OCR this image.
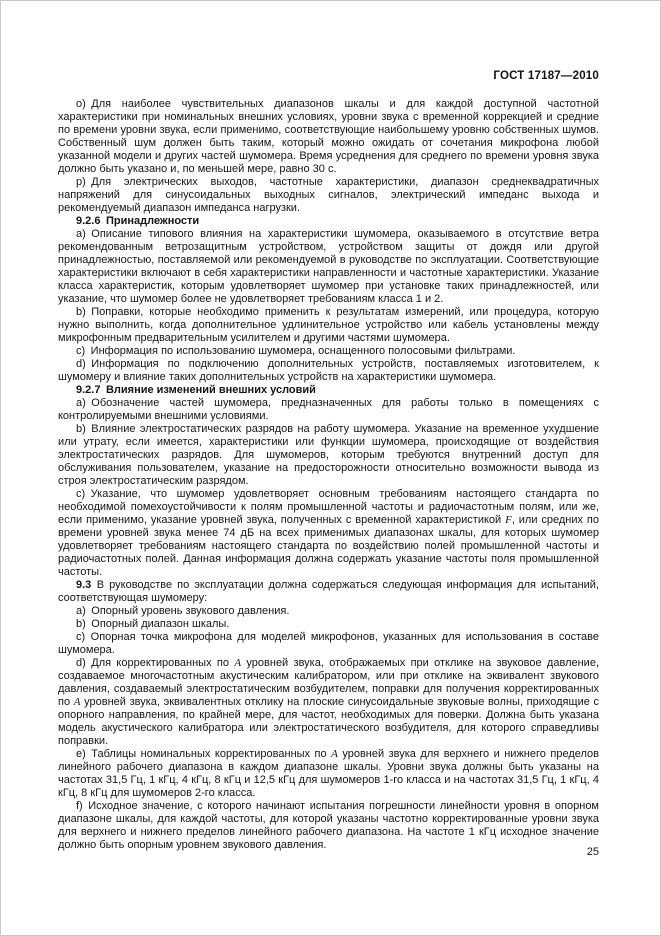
ГОСТ 17187—2010

о) Для наиболее чувствительных диапазонов шкалы и для каждой доступной частотной характеристики при номинальных внешних условиях, уровни звука с временной коррекцией и средние по времени уровни звука, если применимо, соответствующие наибольшему уровню собственных шумов. Собственный шум должен быть таким, который можно ожидать от сочетания микрофона любой указанной модели и других частей шумомера. Время усреднения для среднего по времени уровня звука должно быть указано и, по меньшей мере, равно 30 с.

р) Для электрических выходов, частотные характеристики, диапазон среднеквадратичных напряжений для синусоидальных выходных сигналов, электрический импеданс выхода и рекомендуемый диапазон импеданса нагрузки.

9.2.6 Принадлежности

а) Описание типового влияния на характеристики шумомера, оказываемого в отсутствие ветра рекомендованным ветрозащитным устройством, устройством защиты от дождя или другой принадлежностью, поставляемой или рекомендуемой в руководстве по эксплуатации. Соответствующие характеристики включают в себя характеристики направленности и частотные характеристики. Указание класса характеристик, которым удовлетворяет шумомер при установке таких принадлежностей, или указание, что шумомер более не удовлетворяет требованиям класса 1 и 2.

b) Поправки, которые необходимо применить к результатам измерений, или процедура, которую нужно выполнить, когда дополнительное удлинительное устройство или кабель установлены между микрофонным предварительным усилителем и другими частями шумомера.

c) Информация по использованию шумомера, оснащенного полосовыми фильтрами.

d) Информация по подключению дополнительных устройств, поставляемых изготовителем, к шумомеру и влияние таких дополнительных устройств на характеристики шумомера.

9.2.7 Влияние изменений внешних условий

а) Обозначение частей шумомера, предназначенных для работы только в помещениях с контролируемыми внешними условиями.

b) Влияние электростатических разрядов на работу шумомера. Указание на временное ухудшение или утрату, если имеется, характеристики или функции шумомера, происходящие от воздействия электростатических разрядов. Для шумомеров, которым требуются внутренний доступ для обслуживания пользователем, указание на предосторожности относительно возможности вывода из строя электростатическим разрядом.

с) Указание, что шумомер удовлетворяет основным требованиям настоящего стандарта по необходимой помехоустойчивости к полям промышленной частоты и радиочастотным полям, или же, если применимо, указание уровней звука, полученных с временной характеристикой F, или средних по времени уровней звука менее 74 дБ на всех применимых диапазонах шкалы, для которых шумомер удовлетворяет требованиям настоящего стандарта по воздействию полей промышленной частоты и радиочастотных полей. Данная информация должна содержать указание частоты поля промышленной частоты.

9.3 В руководстве по эксплуатации должна содержаться следующая информация для испытаний, соответствующая шумомеру:

a) Опорный уровень звукового давления.

b) Опорный диапазон шкалы.

c) Опорная точка микрофона для моделей микрофонов, указанных для использования в составе шумомера.

d) Для корректированных по A уровней звука, отображаемых при отклике на звуковое давление, создаваемое многочастотным акустическим калибратором, или при отклике на эквивалент звукового давления, создаваемый электростатическим возбудителем, поправки для получения корректированных по A уровней звука, эквивалентных отклику на плоские синусоидальные звуковые волны, приходящие с опорного направления, по крайней мере, для частот, необходимых для поверки. Должна быть указана модель акустического калибратора или электростатического возбудителя, для которого справедливы поправки.

е) Таблицы номинальных корректированных по A уровней звука для верхнего и нижнего пределов линейного рабочего диапазона в каждом диапазоне шкалы. Уровни звука должны быть указаны на частотах 31,5 Гц, 1 кГц, 4 кГц, 8 кГц и 12,5 кГц для шумомеров 1-го класса и на частотах 31,5 Гц, 1 кГц, 4 кГц, 8 кГц для шумомеров 2-го класса.

f) Исходное значение, с которого начинают испытания погрешности линейности уровня в опорном диапазоне шкалы, для каждой частоты, для которой указаны частотно корректированные уровни звука для верхнего и нижнего пределов линейного рабочего диапазона. На частоте 1 кГц исходное значение должно быть опорным уровнем звукового давления.

25
